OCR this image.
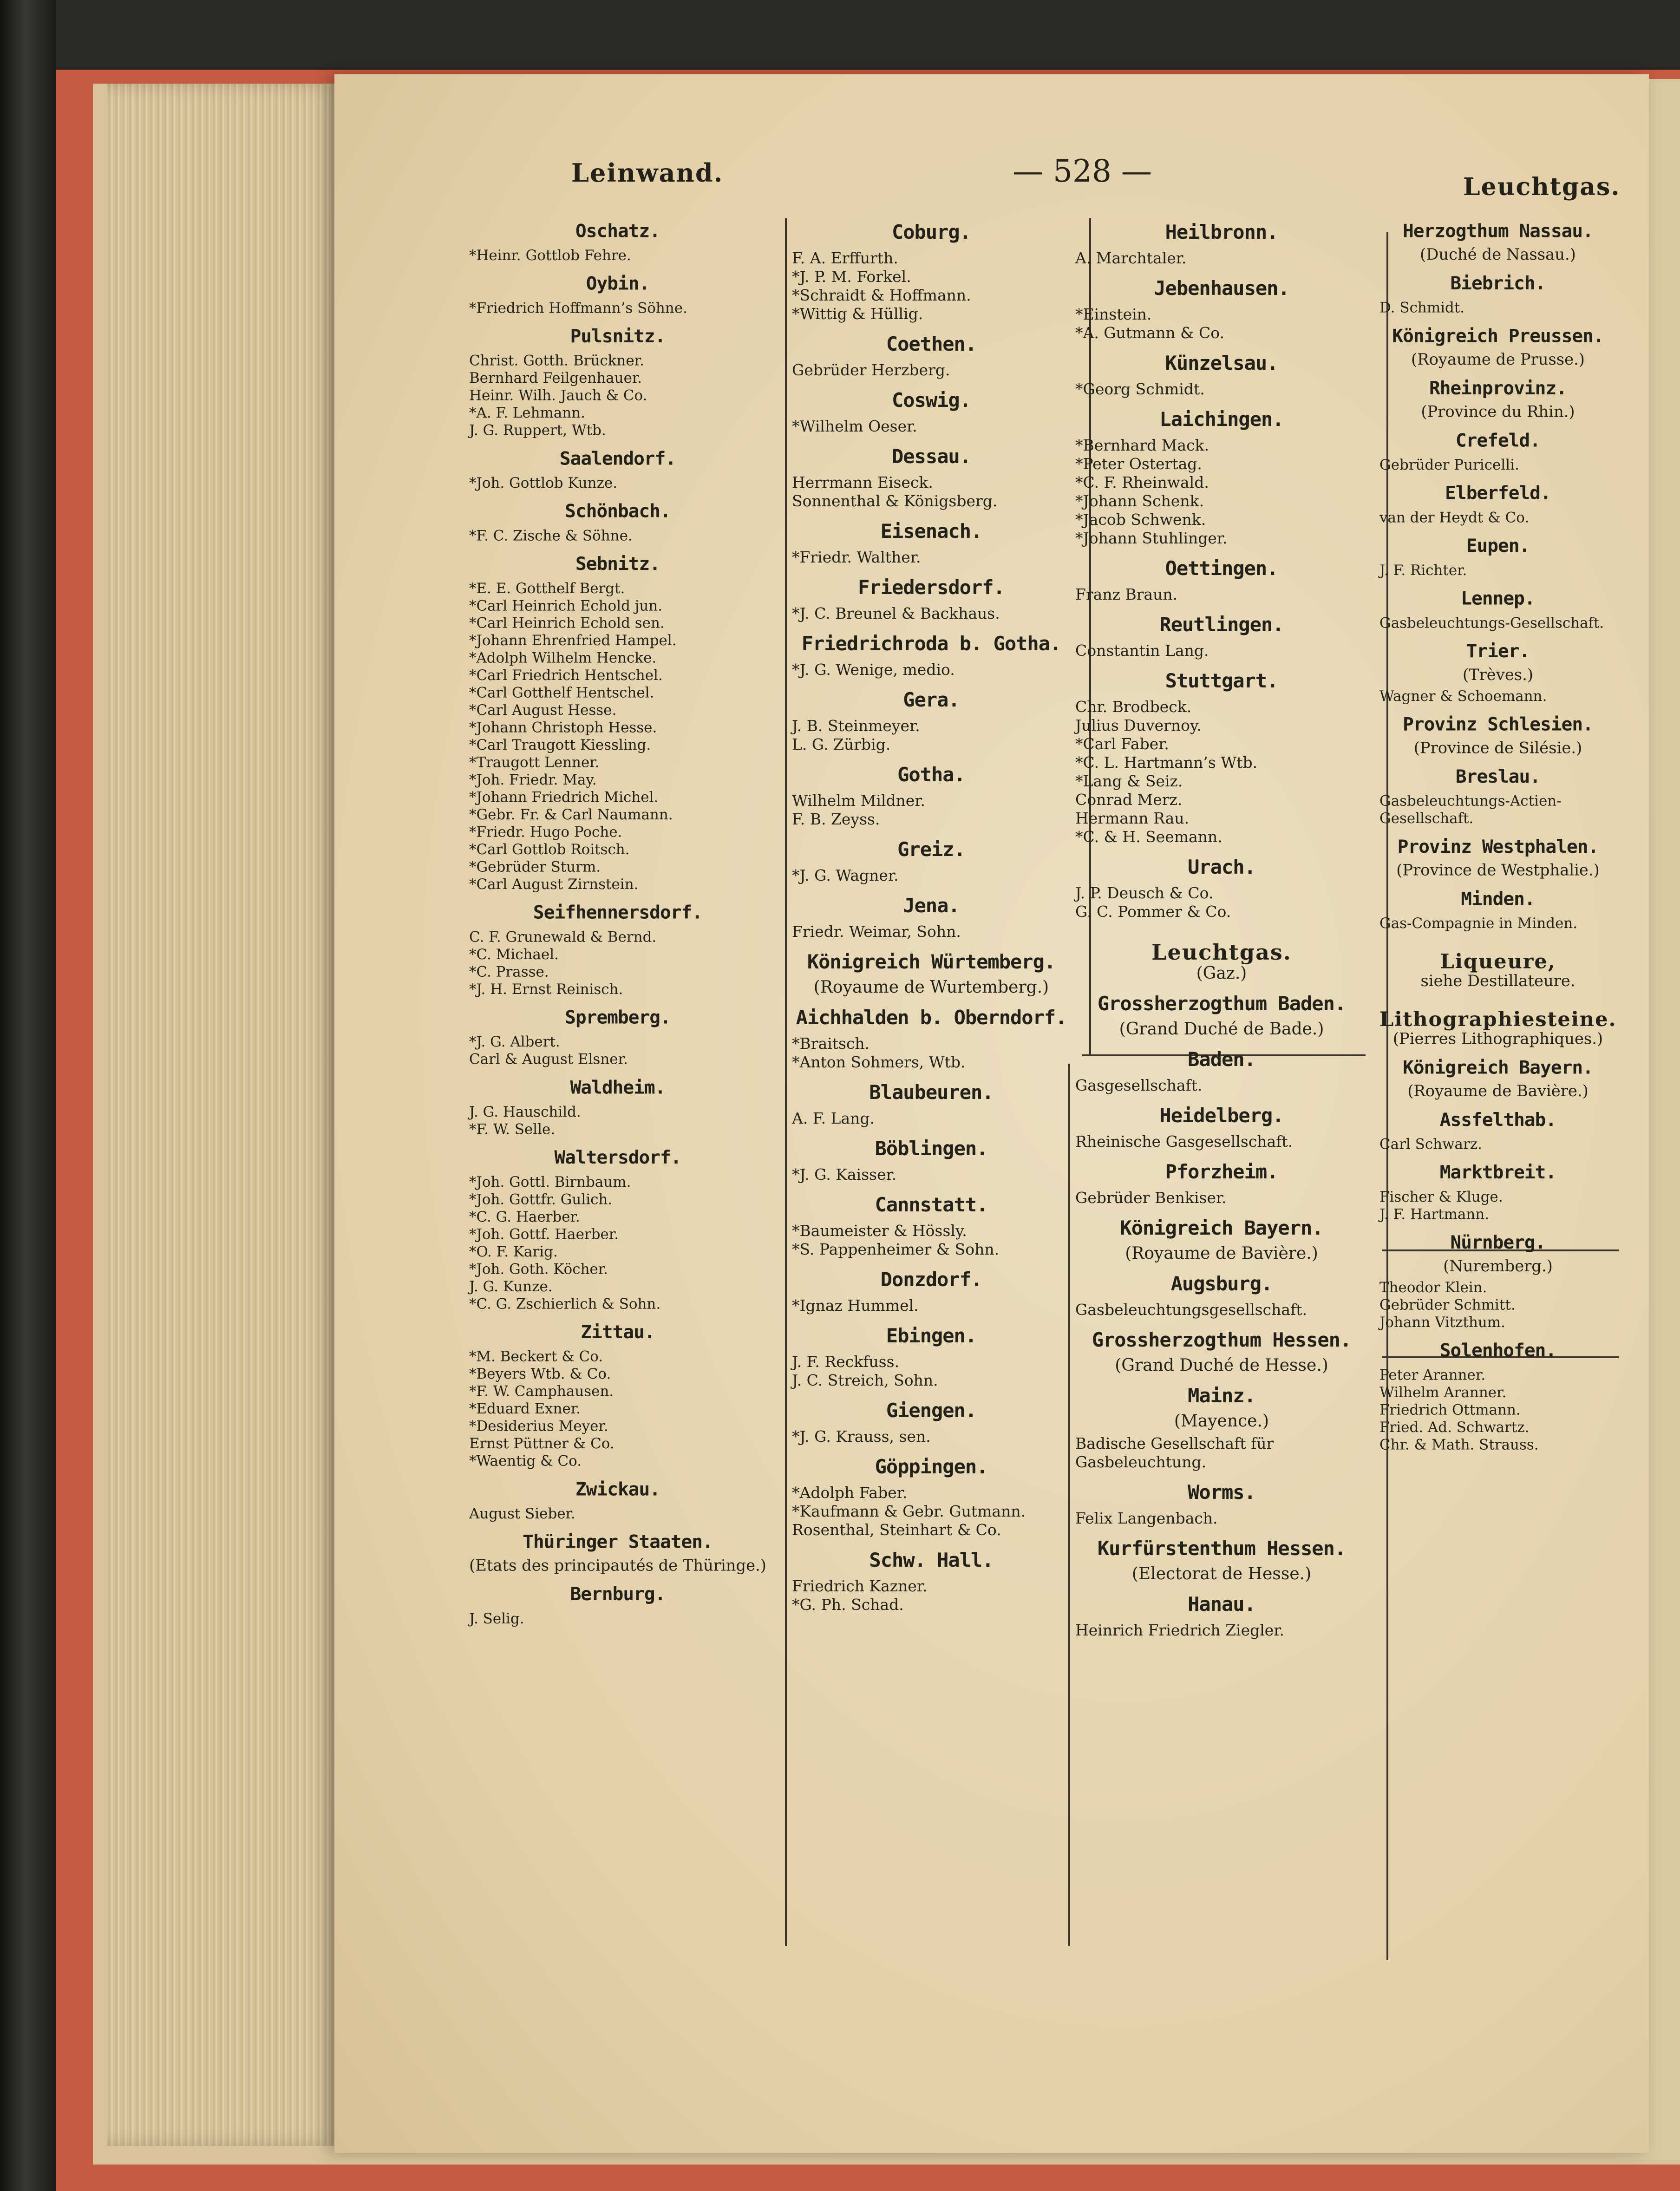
Leinwand.	— 528 —	Leuchtgas.
Oschatz.
*Heinr. Gottlob Fehre.
Oybin.
*Friedrich Hoffmann’s Söhne.
Pulsnitz.
Christ. Gotth. Brückner.
Bernhard Feilgenhauer.
Heinr. Wilh. Jauch & Co.
*A. F. Lehmann.
J. G. Ruppert, Wtb.
Saalendorf.
*Joh. Gottlob Kunze.
Schönbach.
*F. C. Zische & Söhne.
Sebnitz.
*E. E. Gotthelf Bergt.
*Carl Heinrich Echold jun.
*Carl Heinrich Echold sen.
*Johann Ehrenfried Hampel.
*Adolph Wilhelm Hencke.
*Carl Friedrich Hentschel.
*Carl Gotthelf Hentschel.
*Carl August Hesse.
*Johann Christoph Hesse.
*Carl Traugott Kiessling.
*Traugott Lenner.
*Joh. Friedr. May.
*Johann Friedrich Michel.
*Gebr. Fr. & Carl Naumann.
*Friedr. Hugo Poche.
*Carl Gottlob Roitsch.
*Gebrüder Sturm.
*Carl August Zirnstein.
Seifhennersdorf.
C. F. Grunewald & Bernd.
*C. Michael.
*C. Prasse.
*J. H. Ernst Reinisch.
Spremberg.
*J. G. Albert.
Carl & August Elsner.
Waldheim.
J. G. Hauschild.
*F. W. Selle.
Waltersdorf.
*Joh. Gottl. Birnbaum.
*Joh. Gottfr. Gulich.
*C. G. Haerber.
*Joh. Gottf. Haerber.
*O. F. Karig.
*Joh. Goth. Köcher.
J. G. Kunze.
*C. G. Zschierlich & Sohn.
Zittau.
*M. Beckert & Co.
*Beyers Wtb. & Co.
*F. W. Camphausen.
*Eduard Exner.
*Desiderius Meyer.
Ernst Püttner & Co.
*Waentig & Co.
Zwickau.
August Sieber.
Thüringer Staaten.
(Etats des principautés de Thüringe.)
Bernburg.
J. Selig.
Coburg.
F. A. Erffurth.
*J. P. M. Forkel.
*Schraidt & Hoffmann.
*Wittig & Hüllig.
Coethen.
Gebrüder Herzberg.
Coswig.
*Wilhelm Oeser.
Dessau.
Herrmann Eiseck.
Sonnenthal & Königsberg.
Eisenach.
*Friedr. Walther.
Friedersdorf.
*J. C. Breunel & Backhaus.
Friedrichroda b. Gotha.
*J. G. Wenige, medio.
Gera.
J. B. Steinmeyer.
L. G. Zürbig.
Gotha.
Wilhelm Mildner.
F. B. Zeyss.
Greiz.
*J. G. Wagner.
Jena.
Friedr. Weimar, Sohn.
Königreich Würtemberg.
(Royaume de Wurtemberg.)
Aichhalden b. Oberndorf.
*Braitsch.
*Anton Sohmers, Wtb.
Blaubeuren.
A. F. Lang.
Böblingen.
*J. G. Kaisser.
Cannstatt.
*Baumeister & Hössly.
*S. Pappenheimer & Sohn.
Donzdorf.
*Ignaz Hummel.
Ebingen.
J. F. Reckfuss.
J. C. Streich, Sohn.
Giengen.
*J. G. Krauss, sen.
Göppingen.
*Adolph Faber.
*Kaufmann & Gebr. Gutmann.
Rosenthal, Steinhart & Co.
Schw. Hall.
Friedrich Kazner.
*G. Ph. Schad.
Heilbronn.
A. Marchtaler.
Jebenhausen.
*Einstein.
*A. Gutmann & Co.
Künzelsau.
*Georg Schmidt.
Laichingen.
*Bernhard Mack.
*Peter Ostertag.
*C. F. Rheinwald.
*Johann Schenk.
*Jacob Schwenk.
*Johann Stuhlinger.
Oettingen.
Franz Braun.
Reutlingen.
Constantin Lang.
Stuttgart.
Chr. Brodbeck.
Julius Duvernoy.
*Carl Faber.
*C. L. Hartmann’s Wtb.
*Lang & Seiz.
Conrad Merz.
Hermann Rau.
*C. & H. Seemann.
Urach.
J. P. Deusch & Co.
G. C. Pommer & Co.
Leuchtgas.
(Gaz.)
Grossherzogthum Baden.
(Grand Duché de Bade.)
Baden.
Gasgesellschaft.
Heidelberg.
Rheinische Gasgesellschaft.
Pforzheim.
Gebrüder Benkiser.
Königreich Bayern.
(Royaume de Bavière.)
Augsburg.
Gasbeleuchtungsgesellschaft.
Grossherzogthum Hessen.
(Grand Duché de Hesse.)
Mainz.
(Mayence.)
Badische Gesellschaft für Gasbeleuchtung.
Worms.
Felix Langenbach.
Kurfürstenthum Hessen.
(Electorat de Hesse.)
Hanau.
Heinrich Friedrich Ziegler.
Herzogthum Nassau.
(Duché de Nassau.)
Biebrich.
D. Schmidt.
Königreich Preussen.
(Royaume de Prusse.)
Rheinprovinz.
(Province du Rhin.)
Crefeld.
Gebrüder Puricelli.
Elberfeld.
van der Heydt & Co.
Eupen.
J. F. Richter.
Lennep.
Gasbeleuchtungs-Gesellschaft.
Trier.
(Trèves.)
Wagner & Schoemann.
Provinz Schlesien.
(Province de Silésie.)
Breslau.
Gasbeleuchtungs-Actien-Gesellschaft.
Provinz Westphalen.
(Province de Westphalie.)
Minden.
Gas-Compagnie in Minden.
Liqueure,
siehe Destillateure.
Lithographiesteine.
(Pierres Lithographiques.)
Königreich Bayern.
(Royaume de Bavière.)
Assfelthab.
Carl Schwarz.
Marktbreit.
Fischer & Kluge.
J. F. Hartmann.
Nürnberg.
(Nuremberg.)
Theodor Klein.
Gebrüder Schmitt.
Johann Vitzthum.
Solenhofen.
Peter Aranner.
Wilhelm Aranner.
Friedrich Ottmann.
Fried. Ad. Schwartz.
Chr. & Math. Strauss.
